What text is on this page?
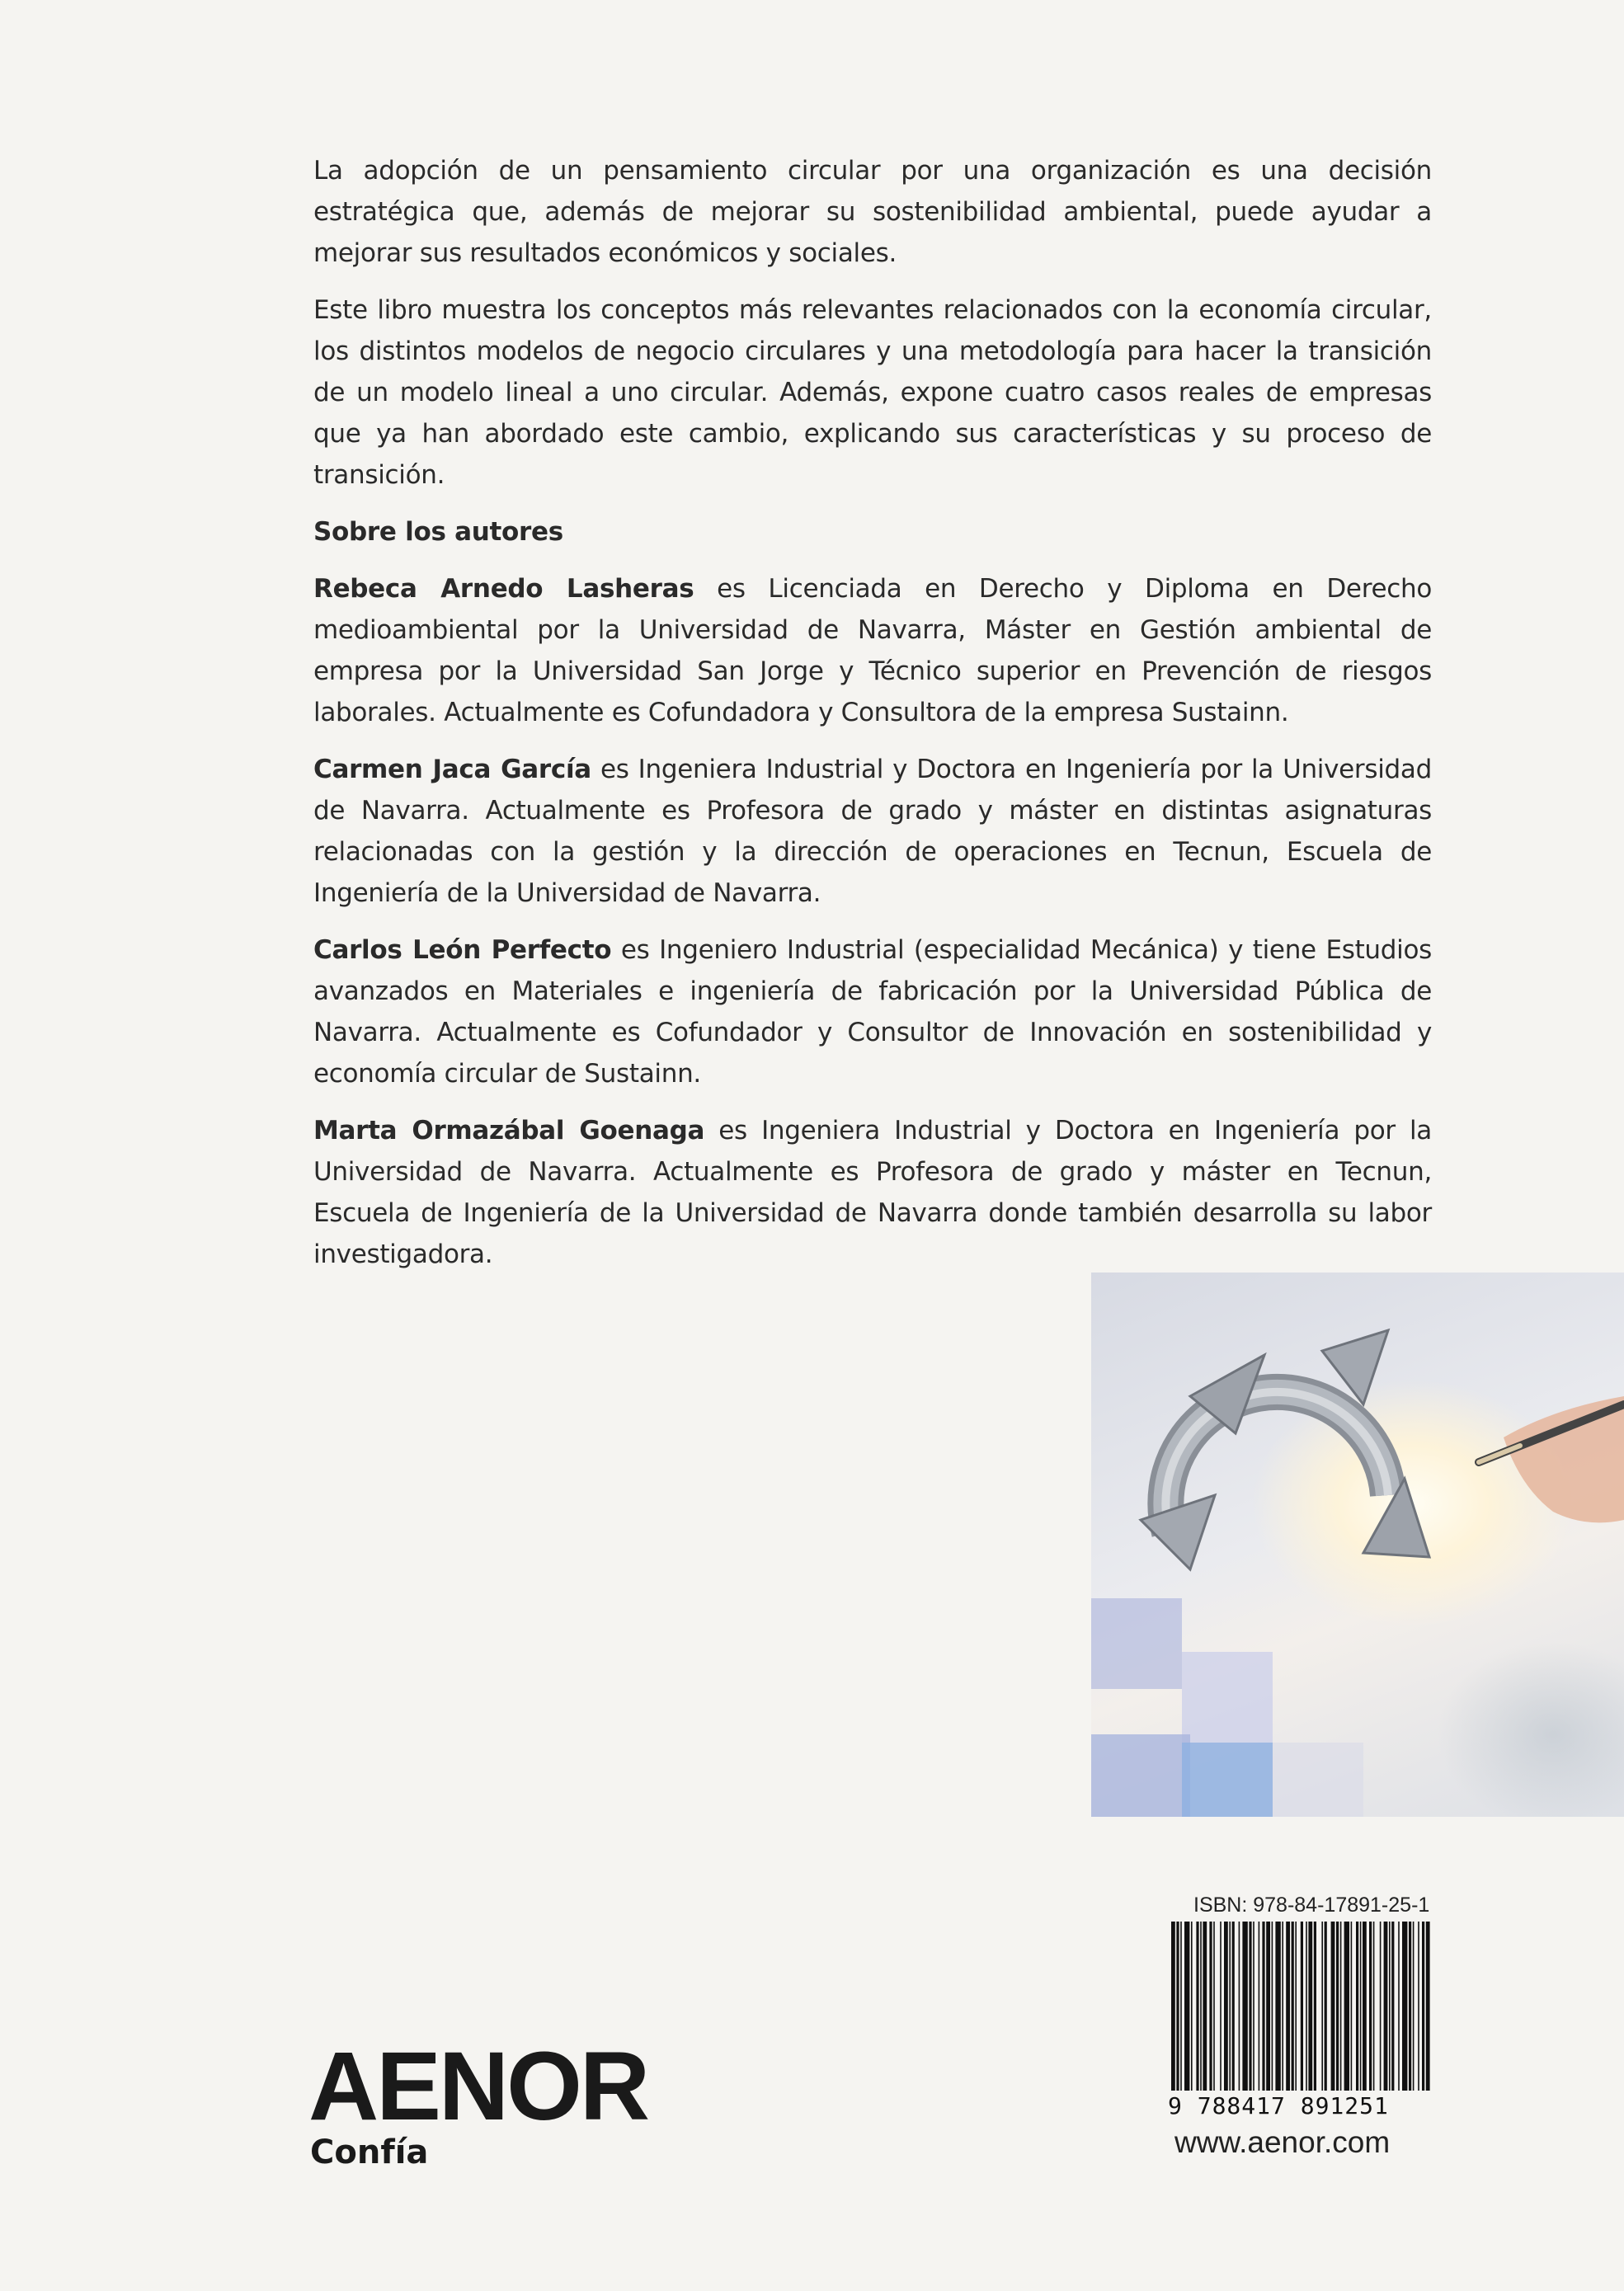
La adopción de un pensamiento circular por una organización es una decisión estratégica que, además de mejorar su sostenibilidad ambiental, puede ayudar a mejorar sus resultados económicos y sociales.

Este libro muestra los conceptos más relevantes relacionados con la economía circular, los distintos modelos de negocio circulares y una metodología para hacer la transición de un modelo lineal a uno circular. Además, expone cuatro casos reales de empresas que ya han abordado este cambio, explicando sus características y su proceso de transición.

Sobre los autores

Rebeca Arnedo Lasheras es Licenciada en Derecho y Diploma en Derecho medioambiental por la Universidad de Navarra, Máster en Gestión ambiental de empresa por la Universidad San Jorge y Técnico superior en Prevención de riesgos laborales. Actualmente es Cofundadora y Consultora de la empresa Sustainn.

Carmen Jaca García es Ingeniera Industrial y Doctora en Ingeniería por la Universidad de Navarra. Actualmente es Profesora de grado y máster en distintas asignaturas relacionadas con la gestión y la dirección de operaciones en Tecnun, Escuela de Ingeniería de la Universidad de Navarra.

Carlos León Perfecto es Ingeniero Industrial (especialidad Mecánica) y tiene Estudios avanzados en Materiales e ingeniería de fabricación por la Universidad Pública de Navarra. Actualmente es Cofundador y Consultor de Innovación en sostenibilidad y economía circular de Sustainn.

Marta Ormazábal Goenaga es Ingeniera Industrial y Doctora en Ingeniería por la Universidad de Navarra. Actualmente es Profesora de grado y máster en Tecnun, Escuela de Ingeniería de la Universidad de Navarra donde también desarrolla su labor investigadora.

ISBN: 978-84-17891-25-1
9 788417 891251
www.aenor.com
AENOR
Confía
